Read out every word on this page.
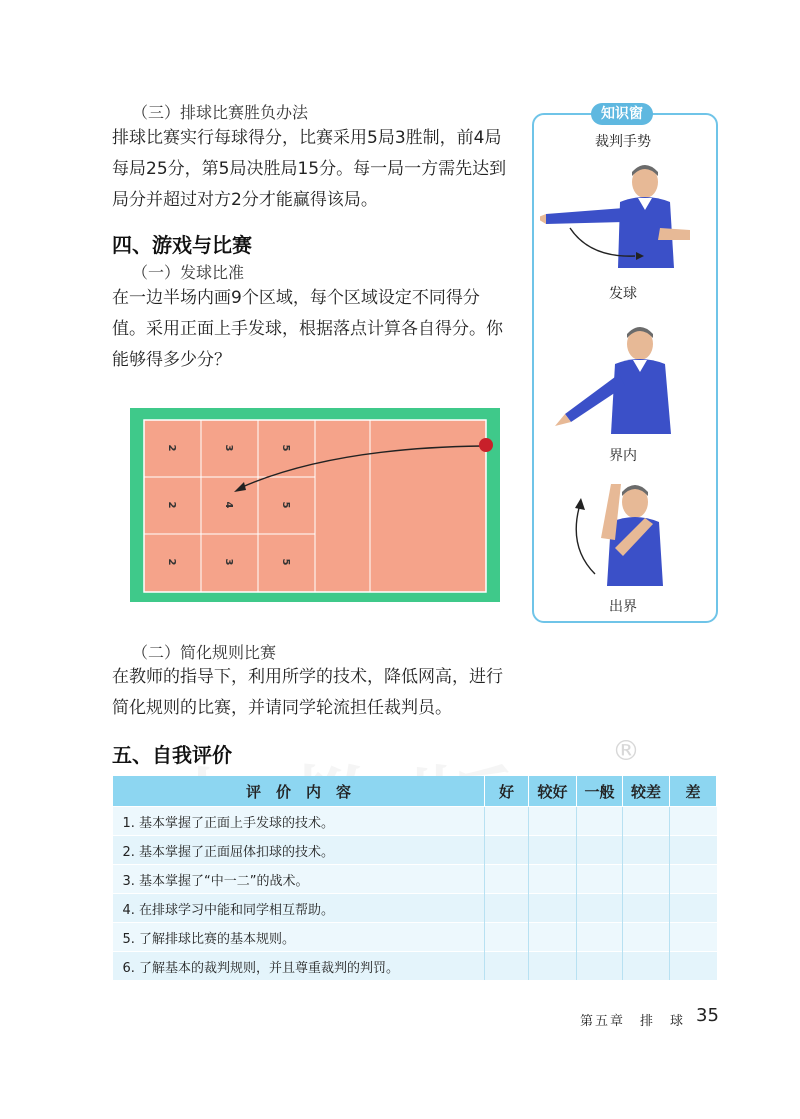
®
（三）排球比赛胜负办法

排球比赛实行每球得分，比赛采用5局3胜制，前4局每局25分，第5局决胜局15分。每一局一方需先达到局分并超过对方2分才能赢得该局。

四、游戏与比赛
（一）发球比准

在一边半场内画9个区域，每个区域设定不同得分值。采用正面上手发球，根据落点计算各自得分。你能够得多少分？

2	3	5
2	4	5
2	3	5
（二）简化规则比赛

在教师的指导下，利用所学的技术，降低网高，进行简化规则的比赛，并请同学轮流担任裁判员。

知识窗
裁判手势
发球
界内
出界
五、自我评价
评　价　内　容	好	较好	一般	较差	差
1. 基本掌握了正面上手发球的技术。					
2. 基本掌握了正面屈体扣球的技术。					
3. 基本掌握了“中一二”的战术。					
4. 在排球学习中能和同学相互帮助。					
5. 了解排球比赛的基本规则。					
6. 了解基本的裁判规则，并且尊重裁判的判罚。					
第五章　排　球 35
